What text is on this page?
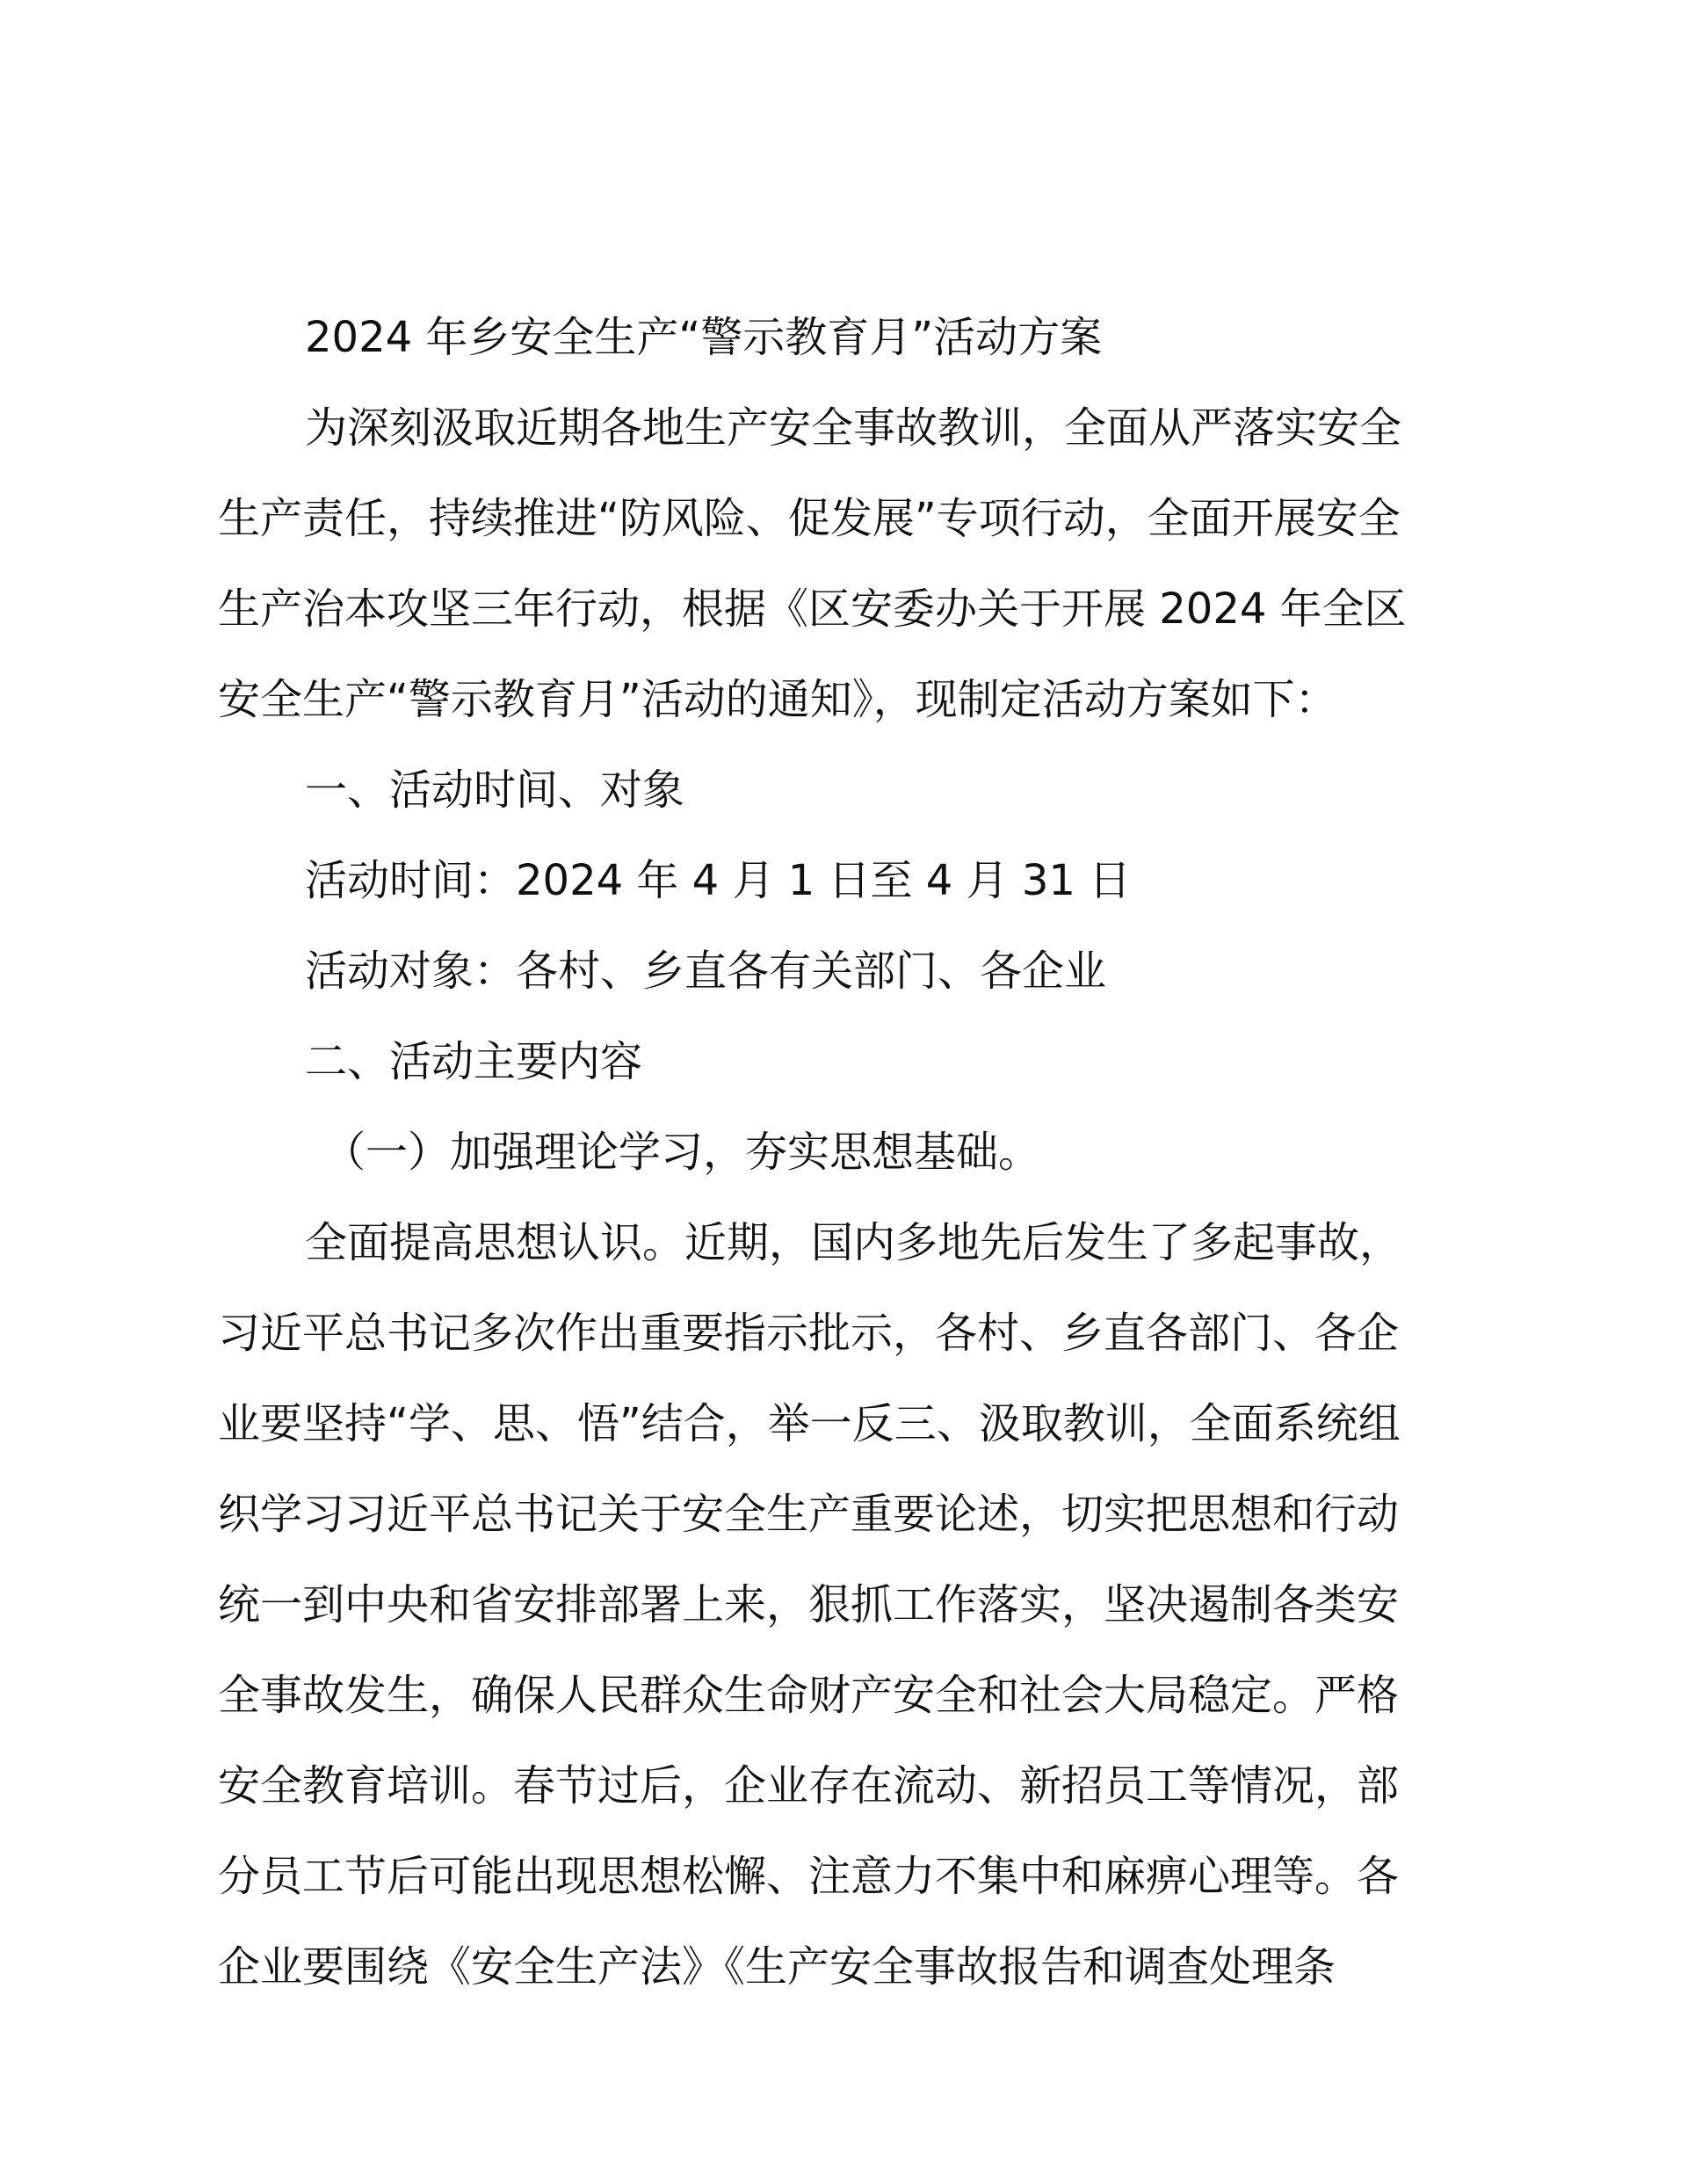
2024 年乡安全生产“警示教育月”活动方案
为深刻汲取近期各地生产安全事故教训，全面从严落实安全
生产责任，持续推进“防风险、促发展”专项行动，全面开展安全
生产治本攻坚三年行动，根据《区安委办关于开展 2024 年全区
安全生产“警示教育月”活动的通知》，现制定活动方案如下：
一、活动时间、对象
活动时间：2024 年 4 月 1 日至 4 月 31 日
活动对象：各村、乡直各有关部门、各企业
二、活动主要内容
（一）加强理论学习，夯实思想基础。
全面提高思想认识。近期，国内多地先后发生了多起事故，
习近平总书记多次作出重要指示批示，各村、乡直各部门、各企
业要坚持“学、思、悟”结合，举一反三、汲取教训，全面系统组
织学习习近平总书记关于安全生产重要论述，切实把思想和行动
统一到中央和省安排部署上来，狠抓工作落实，坚决遏制各类安
全事故发生，确保人民群众生命财产安全和社会大局稳定。严格
安全教育培训。春节过后，企业存在流动、新招员工等情况，部
分员工节后可能出现思想松懈、注意力不集中和麻痹心理等。各
企业要围绕《安全生产法》《生产安全事故报告和调查处理条
